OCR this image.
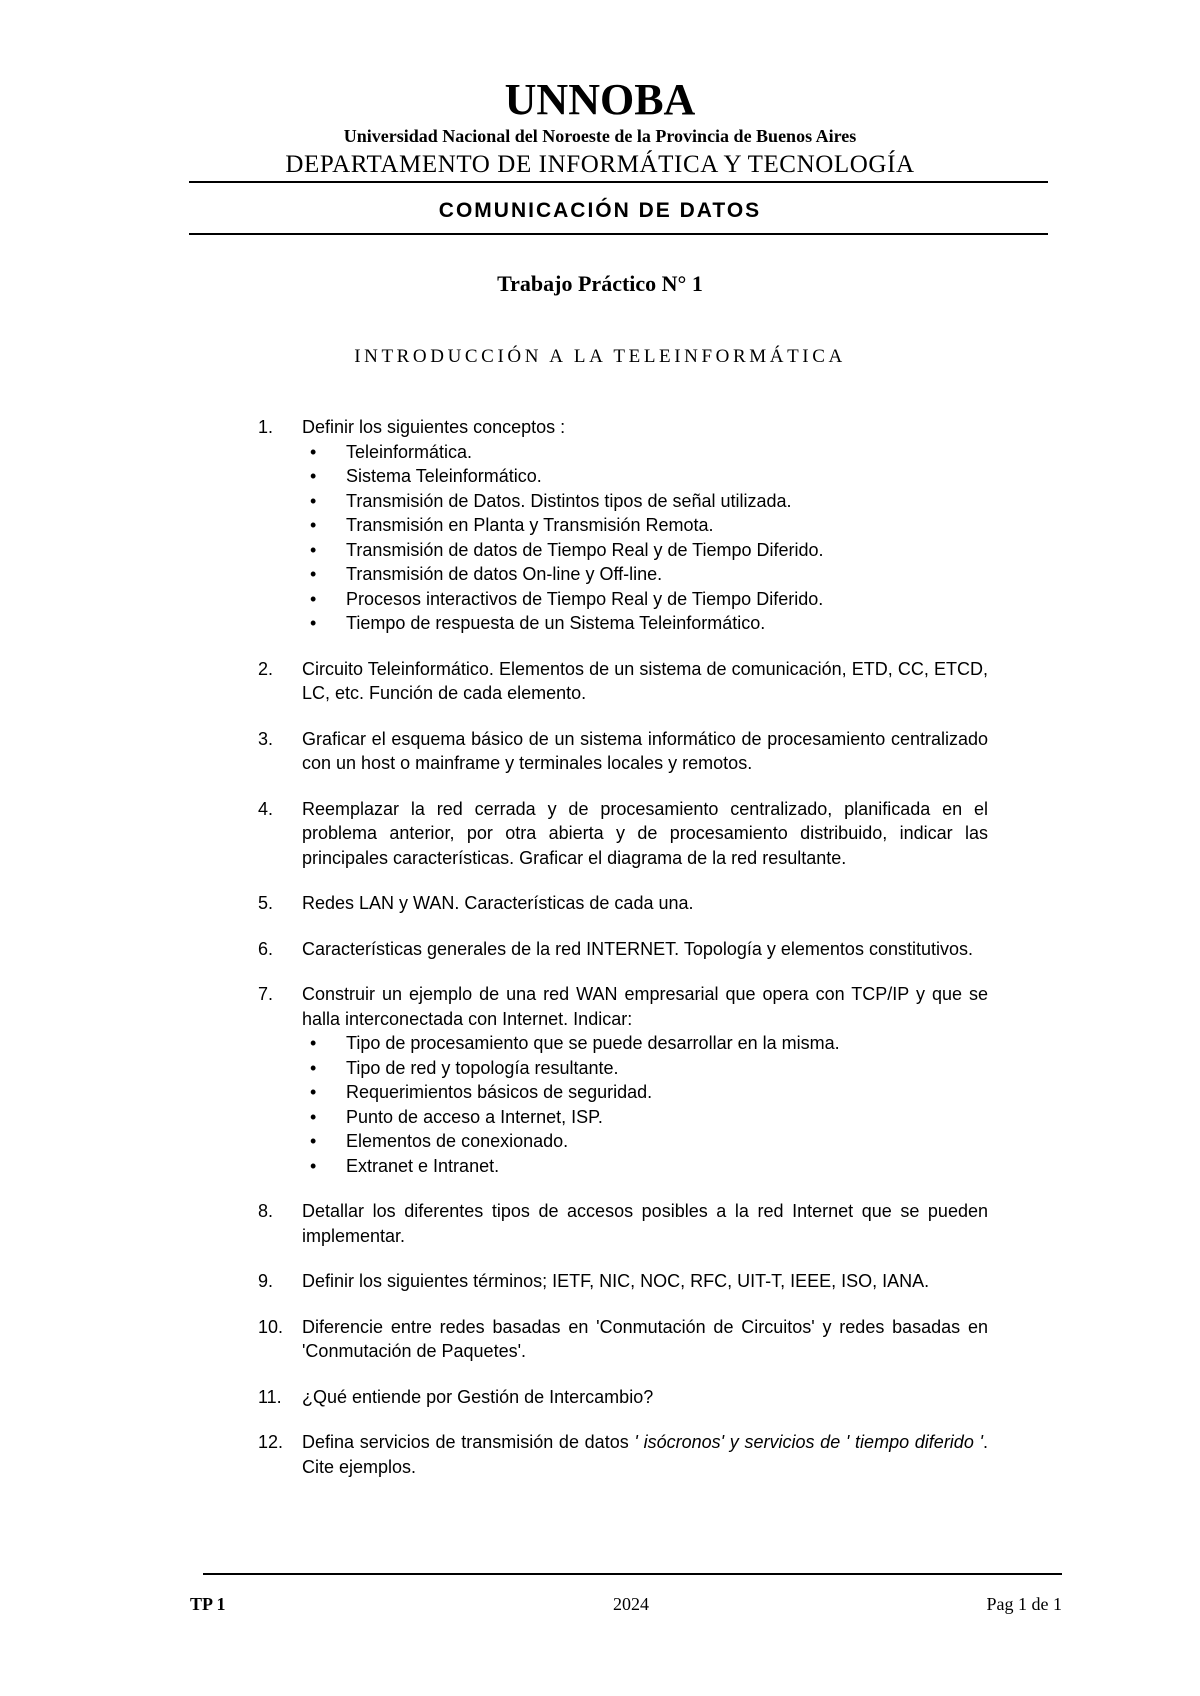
UNNOBA
Universidad Nacional del Noroeste de la Provincia de Buenos Aires
DEPARTAMENTO DE INFORMÁTICA Y TECNOLOGÍA
COMUNICACIÓN DE DATOS
Trabajo Práctico N° 1
INTRODUCCIÓN A LA TELEINFORMÁTICA
1. Definir los siguientes conceptos :
• Teleinformática.
• Sistema Teleinformático.
• Transmisión de Datos. Distintos tipos de señal utilizada.
• Transmisión en Planta y Transmisión Remota.
• Transmisión de datos de Tiempo Real y de Tiempo Diferido.
• Transmisión de datos On-line y Off-line.
• Procesos interactivos de Tiempo Real y de Tiempo Diferido.
• Tiempo de respuesta de un Sistema Teleinformático.
2. Circuito Teleinformático. Elementos de un sistema de comunicación, ETD, CC, ETCD, LC, etc. Función de cada elemento.
3. Graficar el esquema básico de un sistema informático de procesamiento centralizado con un host o mainframe y terminales locales y remotos.
4. Reemplazar la red cerrada y de procesamiento centralizado, planificada en el problema anterior, por otra abierta y de procesamiento distribuido, indicar las principales características. Graficar el diagrama de la red resultante.
5. Redes LAN y WAN. Características de cada una.
6. Características generales de la red INTERNET. Topología y elementos constitutivos.
7. Construir un ejemplo de una red WAN empresarial que opera con TCP/IP y que se halla interconectada con Internet. Indicar:
• Tipo de procesamiento que se puede desarrollar en la misma.
• Tipo de red y topología resultante.
• Requerimientos básicos de seguridad.
• Punto de acceso a Internet, ISP.
• Elementos de conexionado.
• Extranet e Intranet.
8. Detallar los diferentes tipos de accesos posibles a la red Internet que se pueden implementar.
9. Definir los siguientes términos; IETF, NIC, NOC, RFC, UIT-T, IEEE, ISO, IANA.
10. Diferencie entre redes basadas en 'Conmutación de Circuitos' y redes basadas en 'Conmutación de Paquetes'.
11. ¿Qué entiende por Gestión de Intercambio?
12. Defina servicios de transmisión de datos ' isócronos' y servicios de ' tiempo diferido '. Cite ejemplos.
TP 1	2024	Pag 1 de 1
